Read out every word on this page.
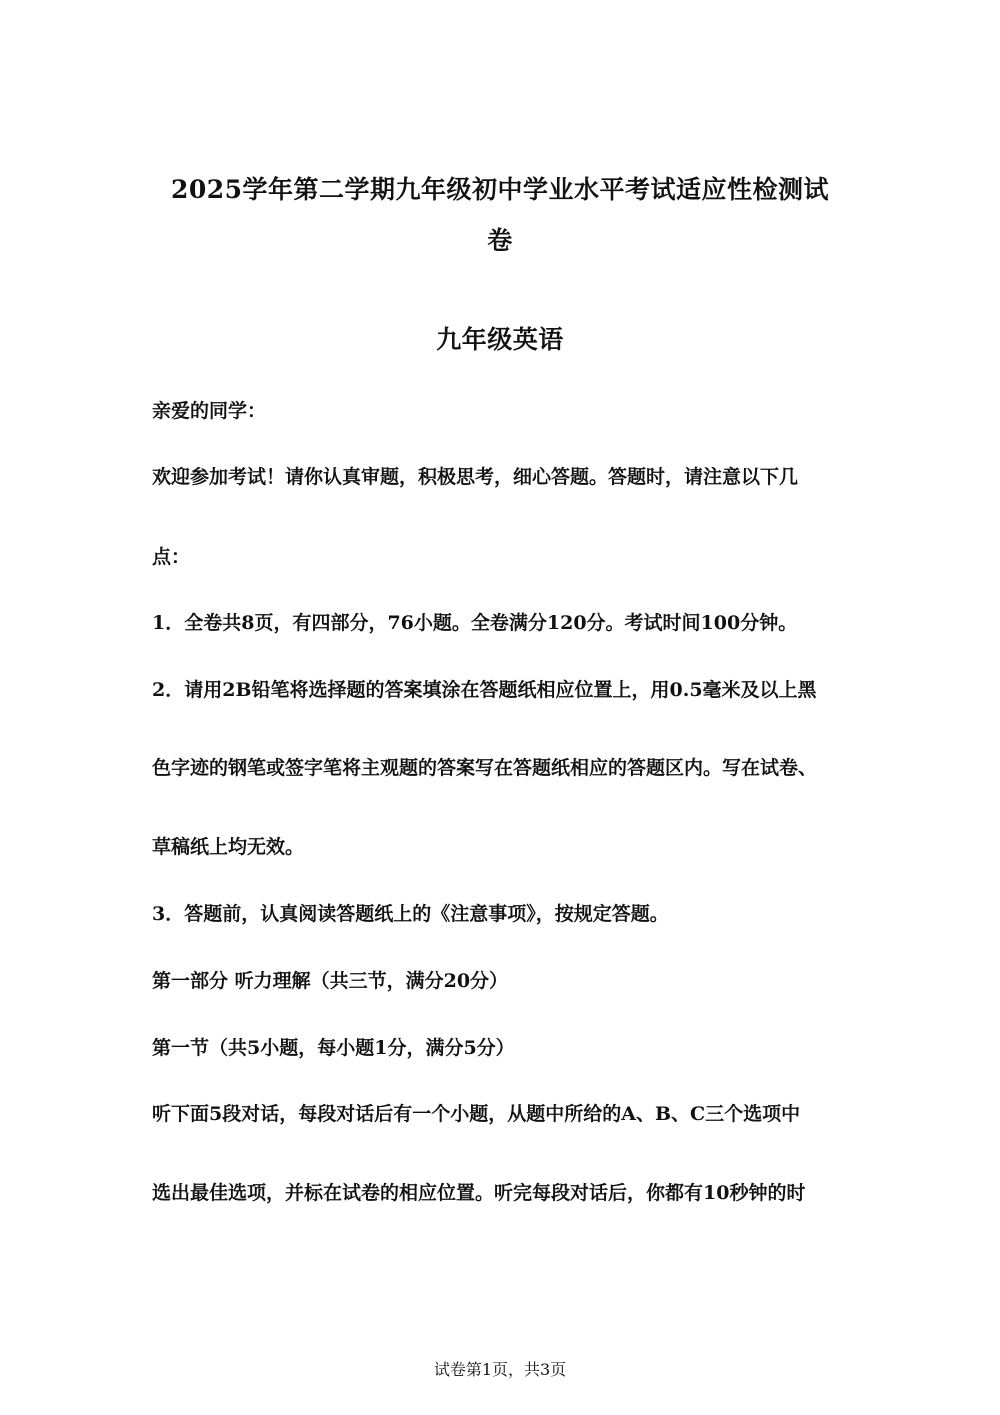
2025学年第二学期九年级初中学业水平考试适应性检测试
卷
九年级英语
亲爱的同学：
欢迎参加考试！请你认真审题，积极思考，细心答题。答题时，请注意以下几
点：
1．全卷共8页，有四部分，76小题。全卷满分120分。考试时间100分钟。
2．请用2B铅笔将选择题的答案填涂在答题纸相应位置上，用0.5毫米及以上黑
色字迹的钢笔或签字笔将主观题的答案写在答题纸相应的答题区内。写在试卷、
草稿纸上均无效。
3．答题前，认真阅读答题纸上的《注意事项》，按规定答题。
第一部分 听力理解（共三节，满分20分）
第一节（共5小题，每小题1分，满分5分）
听下面5段对话，每段对话后有一个小题，从题中所给的A、B、C三个选项中
选出最佳选项，并标在试卷的相应位置。听完每段对话后，你都有10秒钟的时
试卷第1页，共3页
